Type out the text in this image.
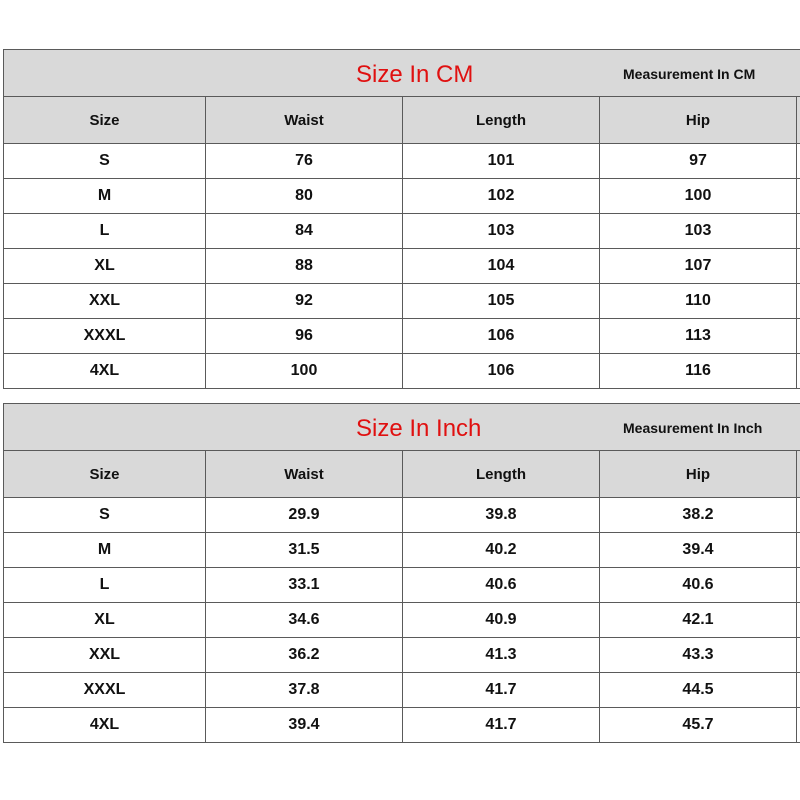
Size In CM Measurement In CM				

Size	Waist	Length	Hip	
S	76	101	97	
M	80	102	100	
L	84	103	103	
XL	88	104	107	
XXL	92	105	110	
XXXL	96	106	113	
4XL	100	106	116	
Size In Inch Measurement In Inch				

Size	Waist	Length	Hip	
S	29.9	39.8	38.2	
M	31.5	40.2	39.4	
L	33.1	40.6	40.6	
XL	34.6	40.9	42.1	
XXL	36.2	41.3	43.3	
XXXL	37.8	41.7	44.5	
4XL	39.4	41.7	45.7	
